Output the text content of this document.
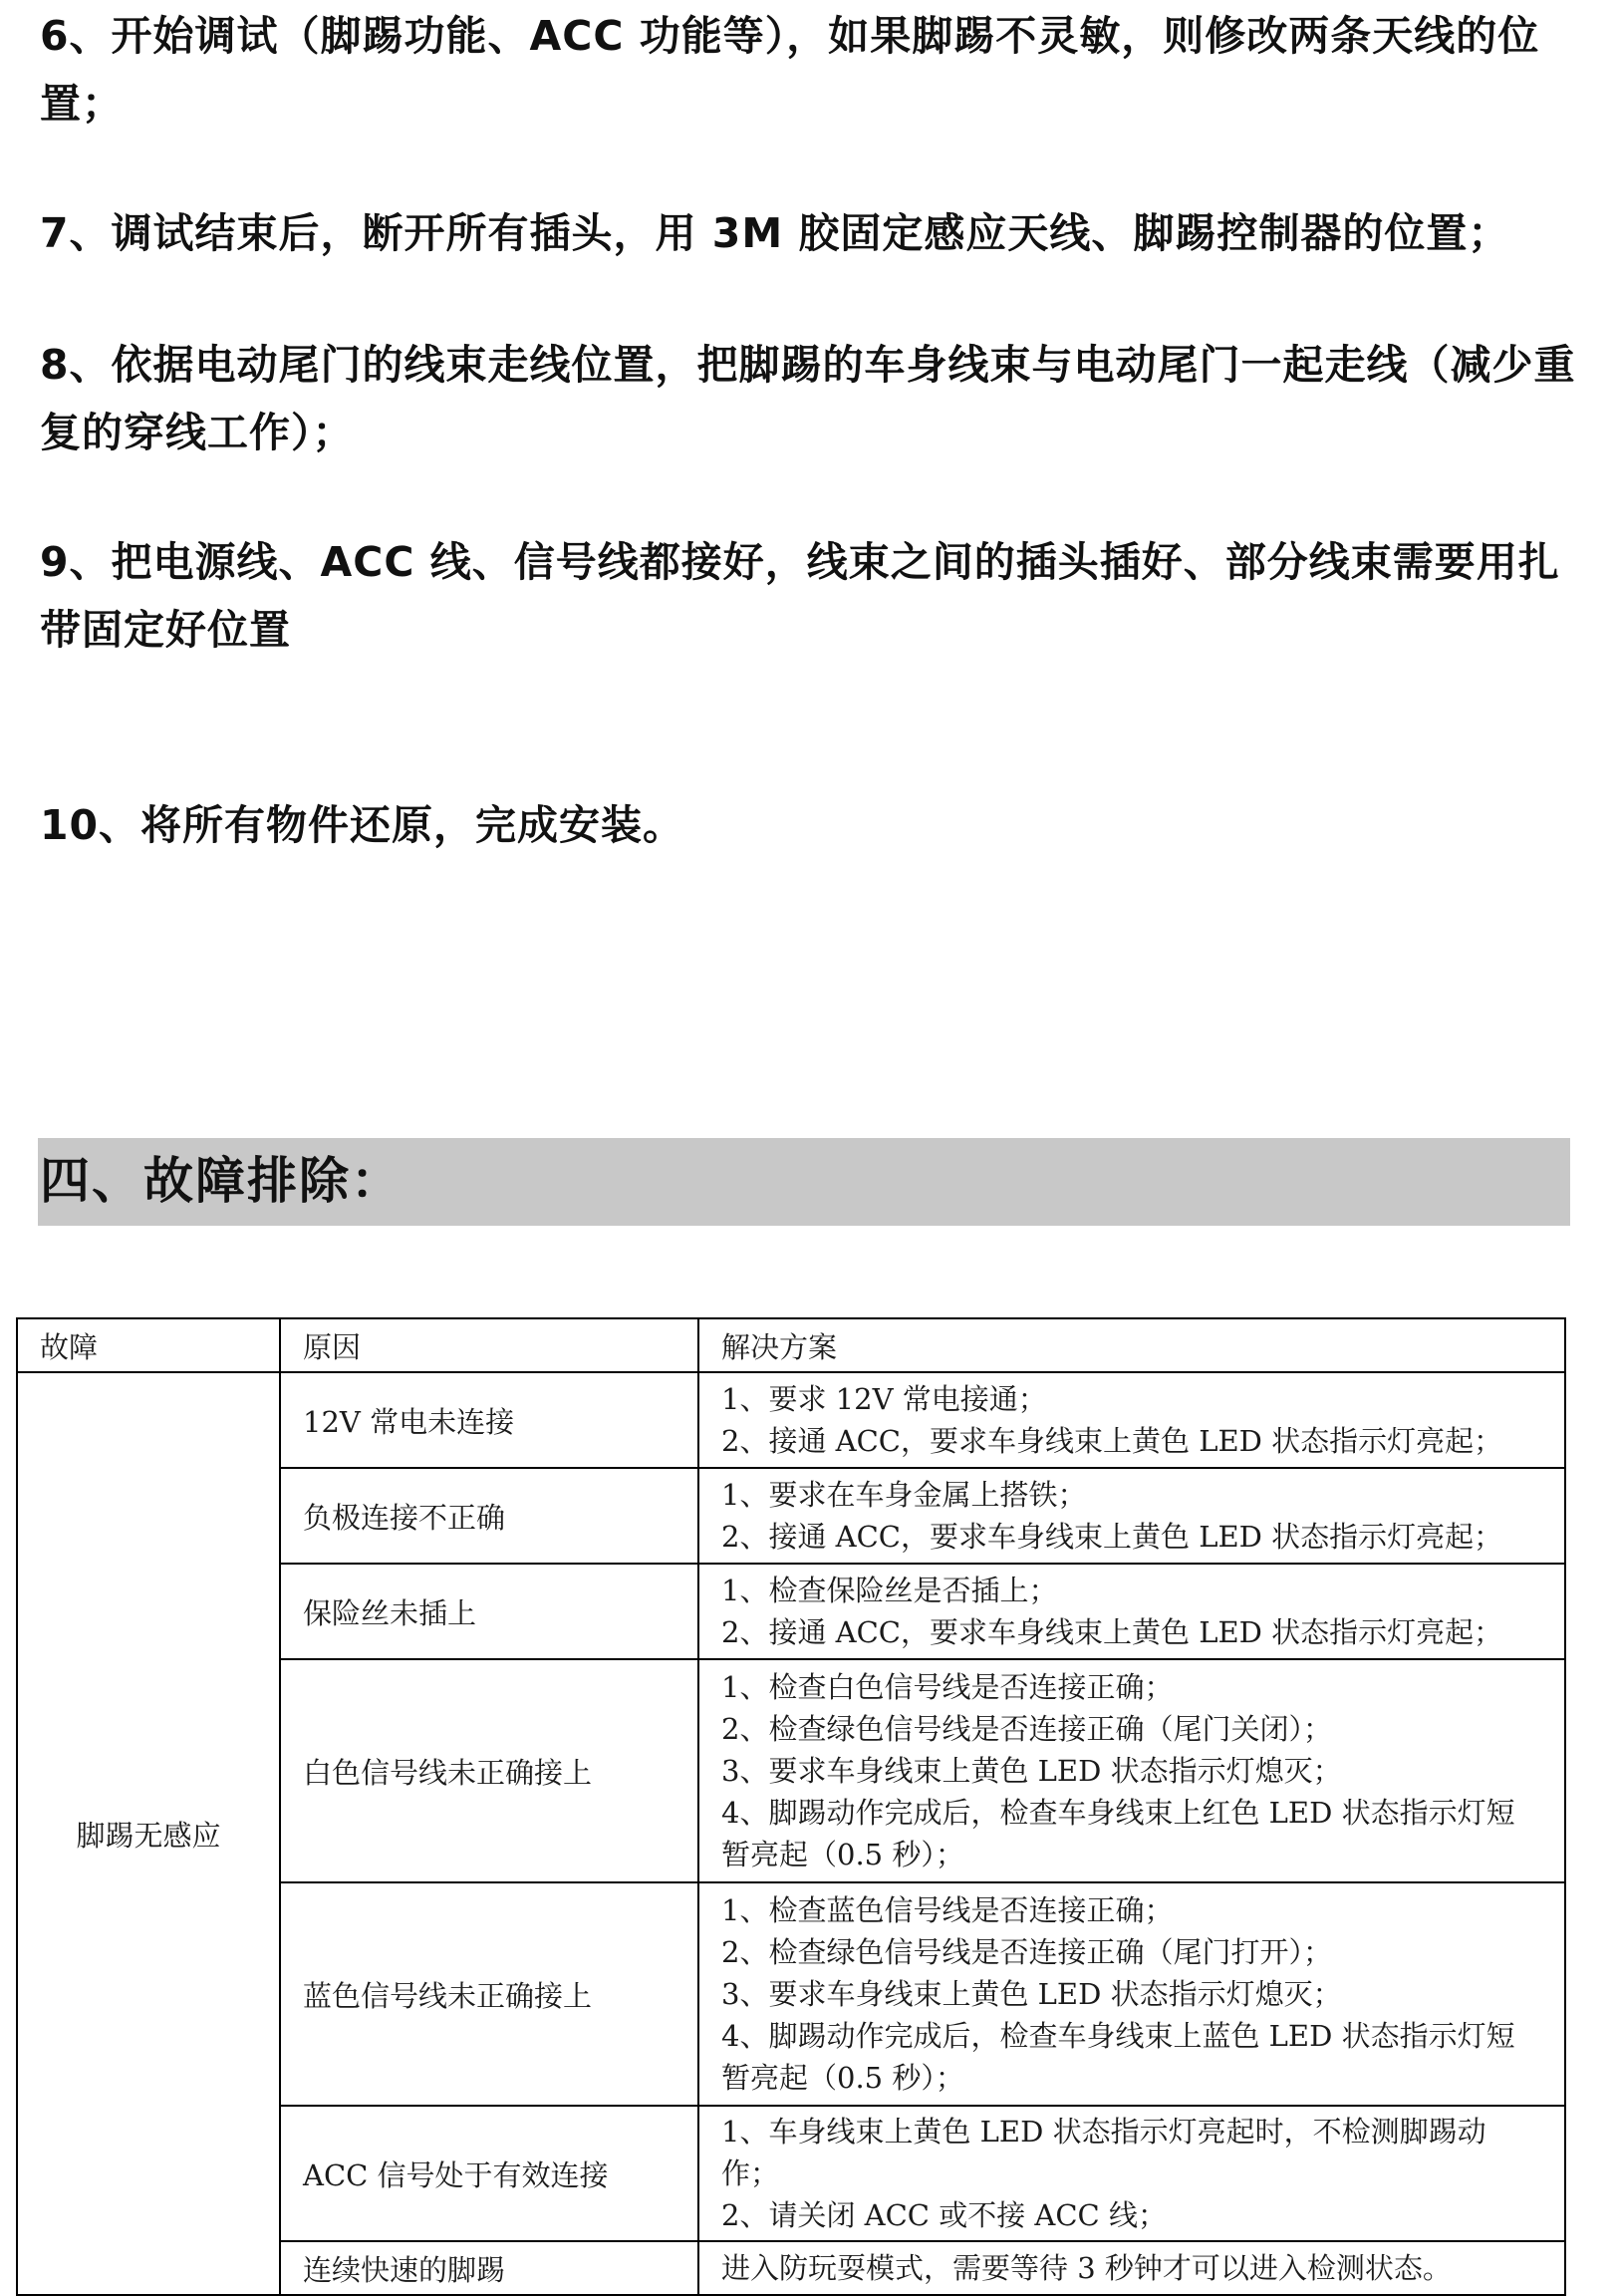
6、开始调试（脚踢功能、ACC 功能等），如果脚踢不灵敏，则修改两条天线的位置；
7、调试结束后，断开所有插头，用 3M 胶固定感应天线、脚踢控制器的位置；
8、依据电动尾门的线束走线位置，把脚踢的车身线束与电动尾门一起走线（减少重复的穿线工作）；
9、把电源线、ACC 线、信号线都接好，线束之间的插头插好、部分线束需要用扎带固定好位置
10、将所有物件还原，完成安装。
四、故障排除：
故障	原因	解决方案
脚踢无感应	12V 常电未连接	1、要求 12V 常电接通；
2、接通 ACC，要求车身线束上黄色 LED 状态指示灯亮起；

	负极连接不正确	1、要求在车身金属上搭铁；
2、接通 ACC，要求车身线束上黄色 LED 状态指示灯亮起；

	保险丝未插上	1、检查保险丝是否插上；
2、接通 ACC，要求车身线束上黄色 LED 状态指示灯亮起；

	白色信号线未正确接上	1、检查白色信号线是否连接正确；
2、检查绿色信号线是否连接正确（尾门关闭）；
3、要求车身线束上黄色 LED 状态指示灯熄灭；
4、脚踢动作完成后，检查车身线束上红色 LED 状态指示灯短暂亮起（0.5 秒）；

	蓝色信号线未正确接上	1、检查蓝色信号线是否连接正确；
2、检查绿色信号线是否连接正确（尾门打开）；
3、要求车身线束上黄色 LED 状态指示灯熄灭；
4、脚踢动作完成后，检查车身线束上蓝色 LED 状态指示灯短暂亮起（0.5 秒）；

	ACC 信号处于有效连接	1、车身线束上黄色 LED 状态指示灯亮起时，不检测脚踢动作；
2、请关闭 ACC 或不接 ACC 线；

	连续快速的脚踢	进入防玩耍模式，需要等待 3 秒钟才可以进入检测状态。
